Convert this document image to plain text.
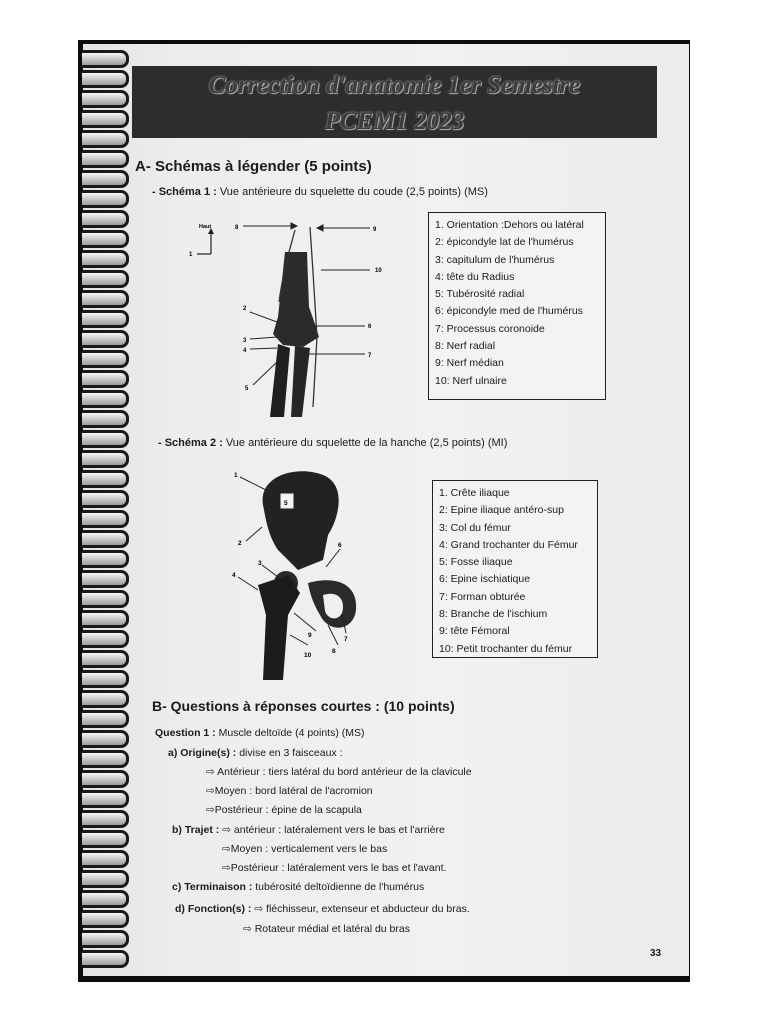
Correction d'anatomie 1er Semestre
PCEM1 2023
A- Schémas à légender (5 points)
- Schéma 1 : Vue antérieure du squelette du coude (2,5 points) (MS)
Haut
1
8	9
10
2
6
3
4
7
5
1. Orientation :Dehors ou latéral
2: épicondyle lat de l'humérus
3: capitulum de l'humérus
4: tête du Radius
5: Tubérosité radial
6: épicondyle med de l'humérus
7: Processus coronoide
8: Nerf radial
9: Nerf médian
10: Nerf ulnaire
- Schéma 2 : Vue antérieure du squelette de la hanche (2,5 points) (MI)
1
5
2	6
3
4
9
7
8
10
1. Crête iliaque
2: Epine iliaque antéro-sup
3: Col du fémur
4: Grand trochanter du Fémur
5: Fosse iliaque
6: Epine ischiatique
7: Forman obturée
8: Branche de l'ischium
9: tête Fémoral
10: Petit trochanter du fémur
B- Questions à réponses courtes : (10 points)
Question 1 : Muscle deltoïde (4 points) (MS)
a) Origine(s) : divise en 3 faisceaux :
⇨ Antérieur : tiers latéral du bord antérieur de la clavicule
⇨Moyen : bord latéral de l'acromion
⇨Postérieur : épine de la scapula
b) Trajet : ⇨ antérieur : latéralement vers le bas et l'arrière
⇨Moyen : verticalement vers le bas
⇨Postérieur : latéralement vers le bas et l'avant.
c) Terminaison : tubérosité deltoïdienne de l'humérus
d) Fonction(s) : ⇨ fléchisseur, extenseur et abducteur du bras.
⇨ Rotateur médial et latéral du bras
33
